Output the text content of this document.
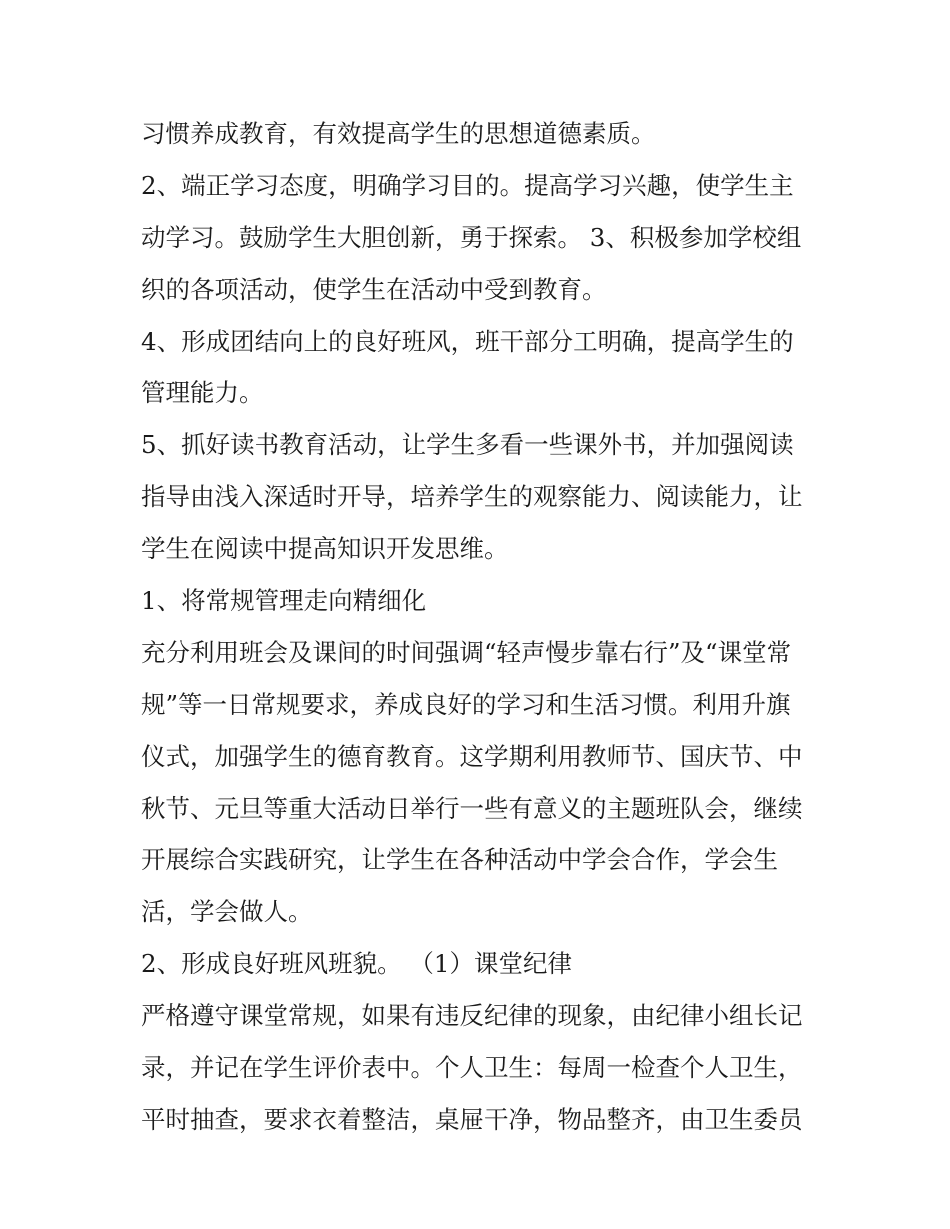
习惯养成教育，有效提高学生的思想道德素质。

2、端正学习态度，明确学习目的。提高学习兴趣，使学生主

动学习。鼓励学生大胆创新，勇于探索。 3、积极参加学校组

织的各项活动，使学生在活动中受到教育。

4、形成团结向上的良好班风，班干部分工明确，提高学生的

管理能力。

5、抓好读书教育活动，让学生多看一些课外书，并加强阅读

指导由浅入深适时开导，培养学生的观察能力、阅读能力，让

学生在阅读中提高知识开发思维。

1、将常规管理走向精细化

充分利用班会及课间的时间强调“轻声慢步靠右行”及“课堂常

规”等一日常规要求，养成良好的学习和生活习惯。利用升旗

仪式，加强学生的德育教育。这学期利用教师节、国庆节、中

秋节、元旦等重大活动日举行一些有意义的主题班队会，继续

开展综合实践研究，让学生在各种活动中学会合作，学会生

活，学会做人。

2、形成良好班风班貌。 （1）课堂纪律

严格遵守课堂常规，如果有违反纪律的现象，由纪律小组长记

录，并记在学生评价表中。个人卫生：每周一检查个人卫生，

平时抽查，要求衣着整洁，桌屉干净，物品整齐，由卫生委员
